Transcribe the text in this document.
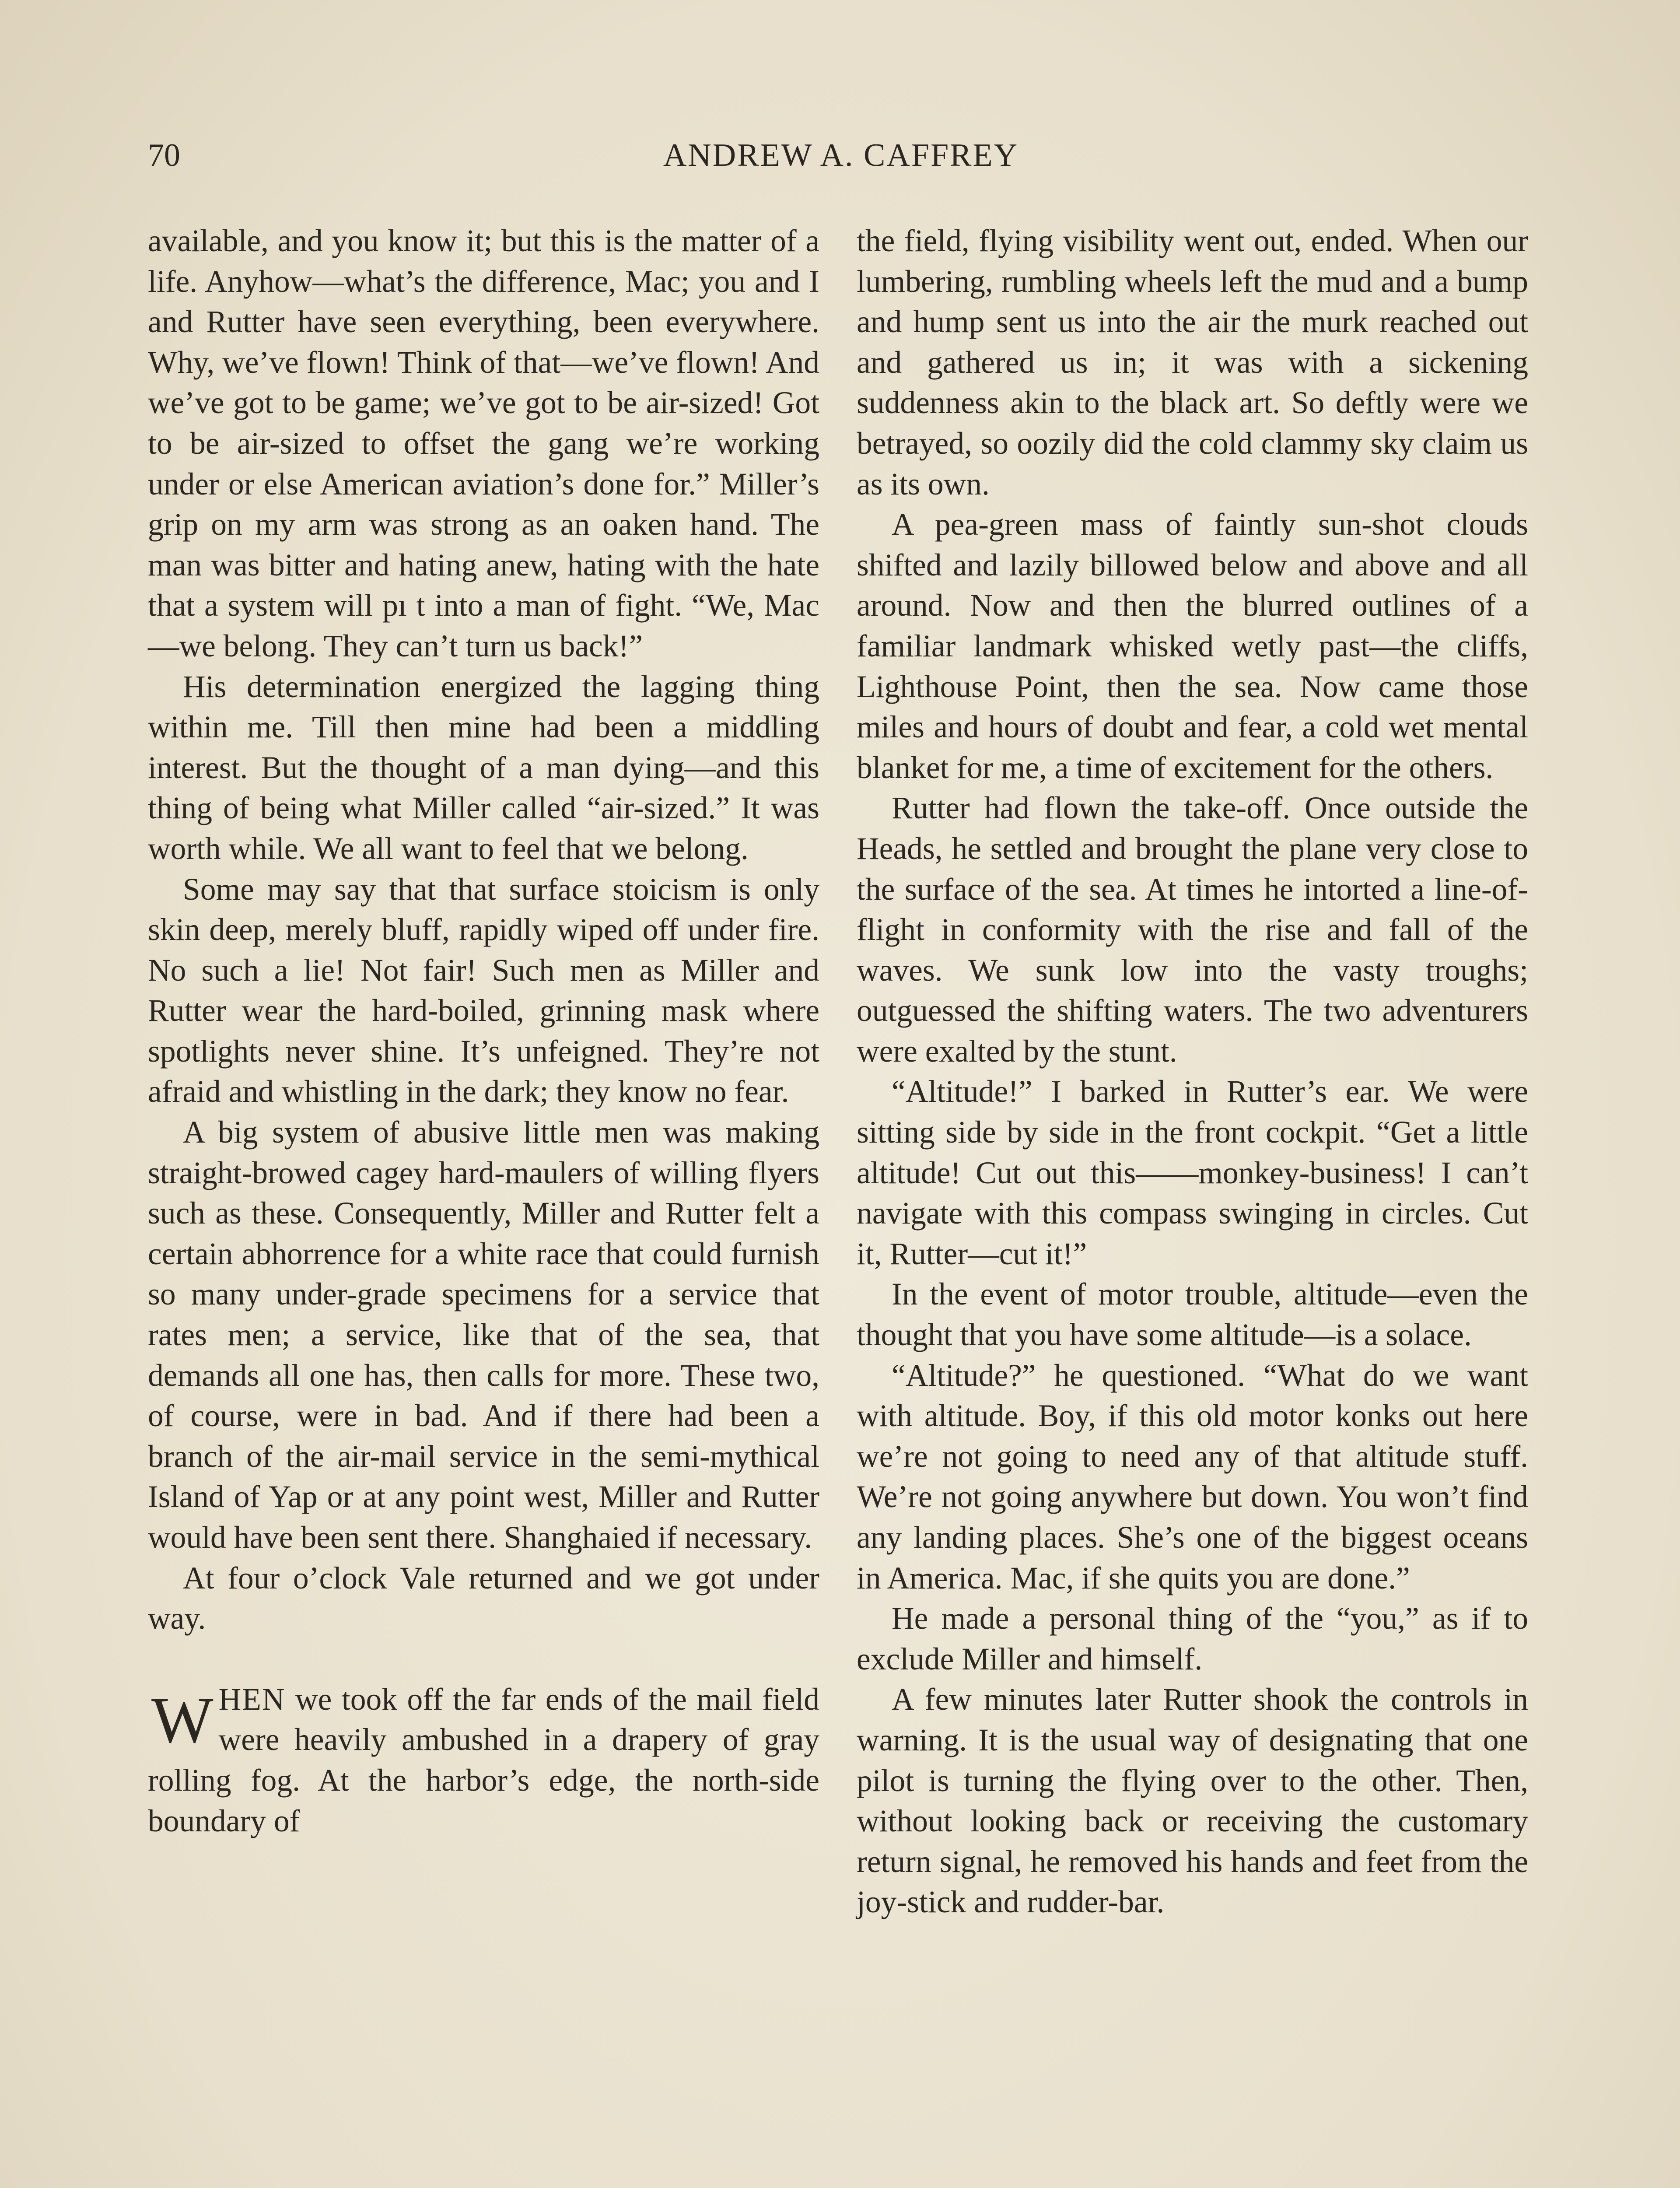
70	ANDREW A. CAFFREY

available, and you know it; but this is the matter of a life. Anyhow—what’s the difference, Mac; you and I and Rutter have seen everything, been everywhere. Why, we’ve flown! Think of that—we’ve flown! And we’ve got to be game; we’ve got to be air-sized! Got to be air-sized to offset the gang we’re working under or else American aviation’s done for.” Miller’s grip on my arm was strong as an oaken hand. The man was bitter and hating anew, hating with the hate that a system will pı t into a man of fight. “We, Mac—we belong. They can’t turn us back!”

His determination energized the lagging thing within me. Till then mine had been a middling interest. But the thought of a man dying—and this thing of being what Miller called “air-sized.” It was worth while. We all want to feel that we belong.

Some may say that that surface stoicism is only skin deep, merely bluff, rapidly wiped off under fire. No such a lie! Not fair! Such men as Miller and Rutter wear the hard-boiled, grinning mask where spotlights never shine. It’s unfeigned. They’re not afraid and whistling in the dark; they know no fear.

A big system of abusive little men was making straight-browed cagey hard-maulers of willing flyers such as these. Consequently, Miller and Rutter felt a certain abhorrence for a white race that could furnish so many under-grade specimens for a service that rates men; a service, like that of the sea, that demands all one has, then calls for more. These two, of course, were in bad. And if there had been a branch of the air-mail service in the semi-mythical Island of Yap or at any point west, Miller and Rutter would have been sent there. Shanghaied if necessary.

At four o’clock Vale returned and we got under way.

WHEN we took off the far ends of the mail field were heavily ambushed in a drapery of gray rolling fog. At the harbor’s edge, the north-side boundary of

the field, flying visibility went out, ended. When our lumbering, rumbling wheels left the mud and a bump and hump sent us into the air the murk reached out and gathered us in; it was with a sickening suddenness akin to the black art. So deftly were we betrayed, so oozily did the cold clammy sky claim us as its own.

A pea-green mass of faintly sun-shot clouds shifted and lazily billowed below and above and all around. Now and then the blurred outlines of a familiar landmark whisked wetly past—the cliffs, Lighthouse Point, then the sea. Now came those miles and hours of doubt and fear, a cold wet mental blanket for me, a time of excitement for the others.

Rutter had flown the take-off. Once outside the Heads, he settled and brought the plane very close to the surface of the sea. At times he intorted a line-of-flight in conformity with the rise and fall of the waves. We sunk low into the vasty troughs; outguessed the shifting waters. The two adventurers were exalted by the stunt.

“Altitude!” I barked in Rutter’s ear. We were sitting side by side in the front cockpit. “Get a little altitude! Cut out this——monkey-business! I can’t navigate with this compass swinging in circles. Cut it, Rutter—cut it!”

In the event of motor trouble, altitude—even the thought that you have some altitude—is a solace.

“Altitude?” he questioned. “What do we want with altitude. Boy, if this old motor konks out here we’re not going to need any of that altitude stuff. We’re not going anywhere but down. You won’t find any landing places. She’s one of the biggest oceans in America. Mac, if she quits you are done.”

He made a personal thing of the “you,” as if to exclude Miller and himself.

A few minutes later Rutter shook the controls in warning. It is the usual way of designating that one pilot is turning the flying over to the other. Then, without looking back or receiving the customary return signal, he removed his hands and feet from the joy-stick and rudder-bar.
